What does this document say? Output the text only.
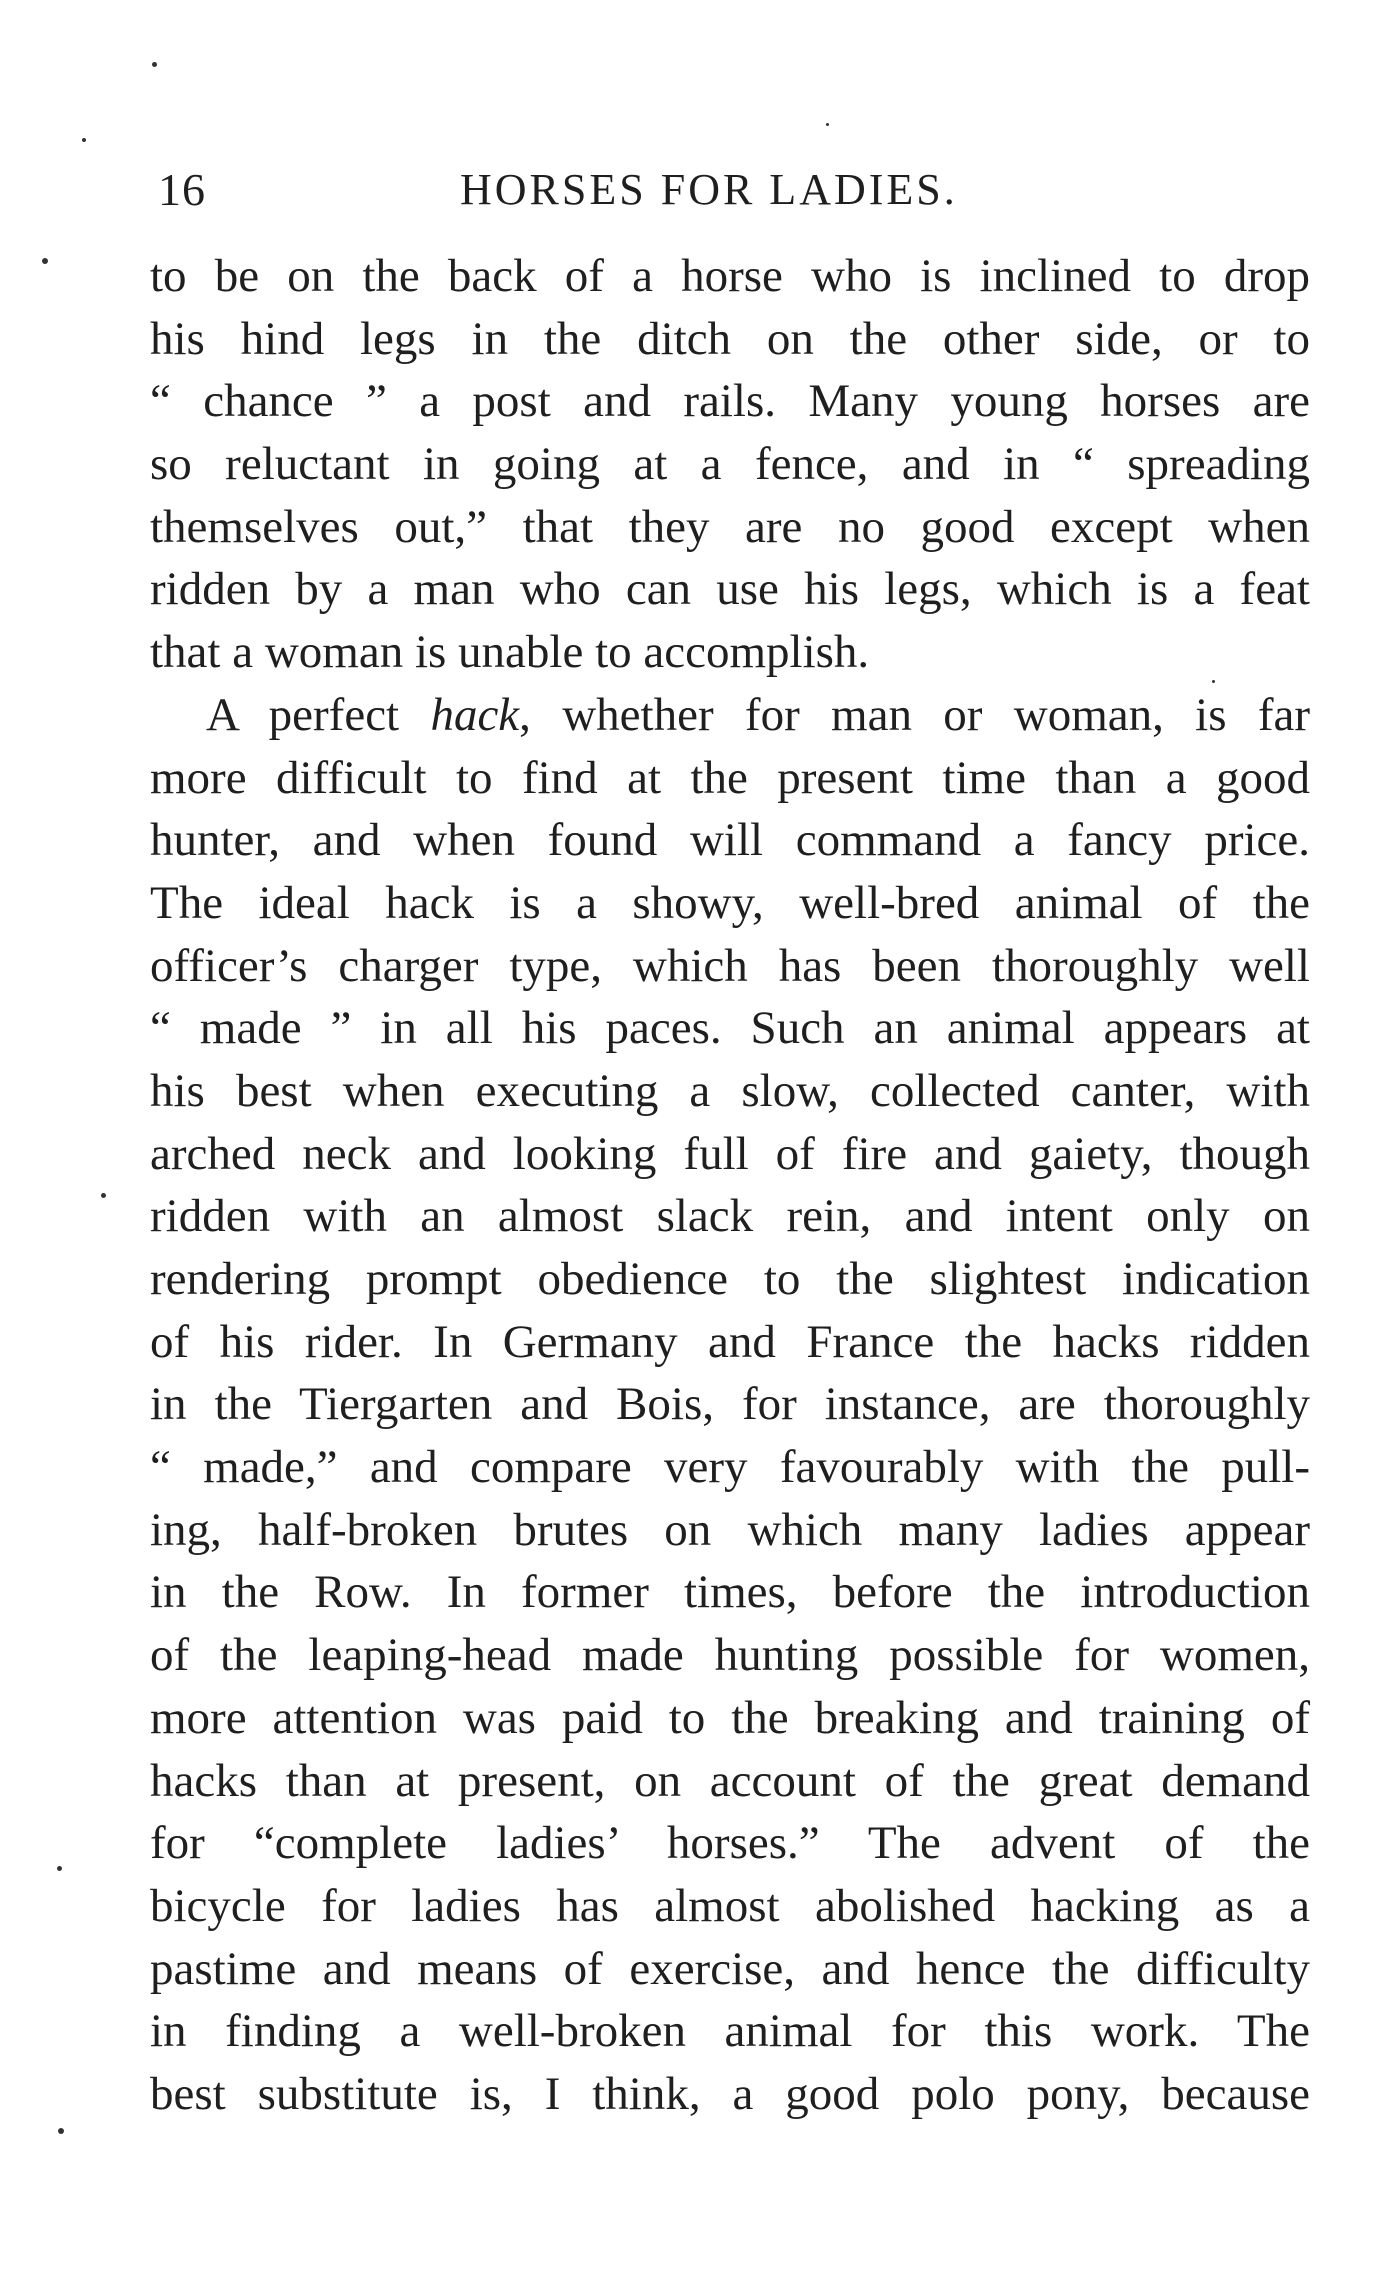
16	HORSES FOR LADIES.
to be on the back of a horse who is inclined to drop
his hind legs in the ditch on the other side, or to
“ chance ” a post and rails. Many young horses are
so reluctant in going at a fence, and in “ spreading
themselves out,” that they are no good except when
ridden by a man who can use his legs, which is a feat
that a woman is unable to accomplish.
A perfect hack, whether for man or woman, is far
more difficult to find at the present time than a good
hunter, and when found will command a fancy price.
The ideal hack is a showy, well-bred animal of the
officer’s charger type, which has been thoroughly well
“ made ” in all his paces. Such an animal appears at
his best when executing a slow, collected canter, with
arched neck and looking full of fire and gaiety, though
ridden with an almost slack rein, and intent only on
rendering prompt obedience to the slightest indication
of his rider. In Germany and France the hacks ridden
in the Tiergarten and Bois, for instance, are thoroughly
“ made,” and compare very favourably with the pull-
ing, half-broken brutes on which many ladies appear
in the Row. In former times, before the introduction
of the leaping-head made hunting possible for women,
more attention was paid to the breaking and training of
hacks than at present, on account of the great demand
for “complete ladies’ horses.” The advent of the
bicycle for ladies has almost abolished hacking as a
pastime and means of exercise, and hence the difficulty
in finding a well-broken animal for this work. The
best substitute is, I think, a good polo pony, because
